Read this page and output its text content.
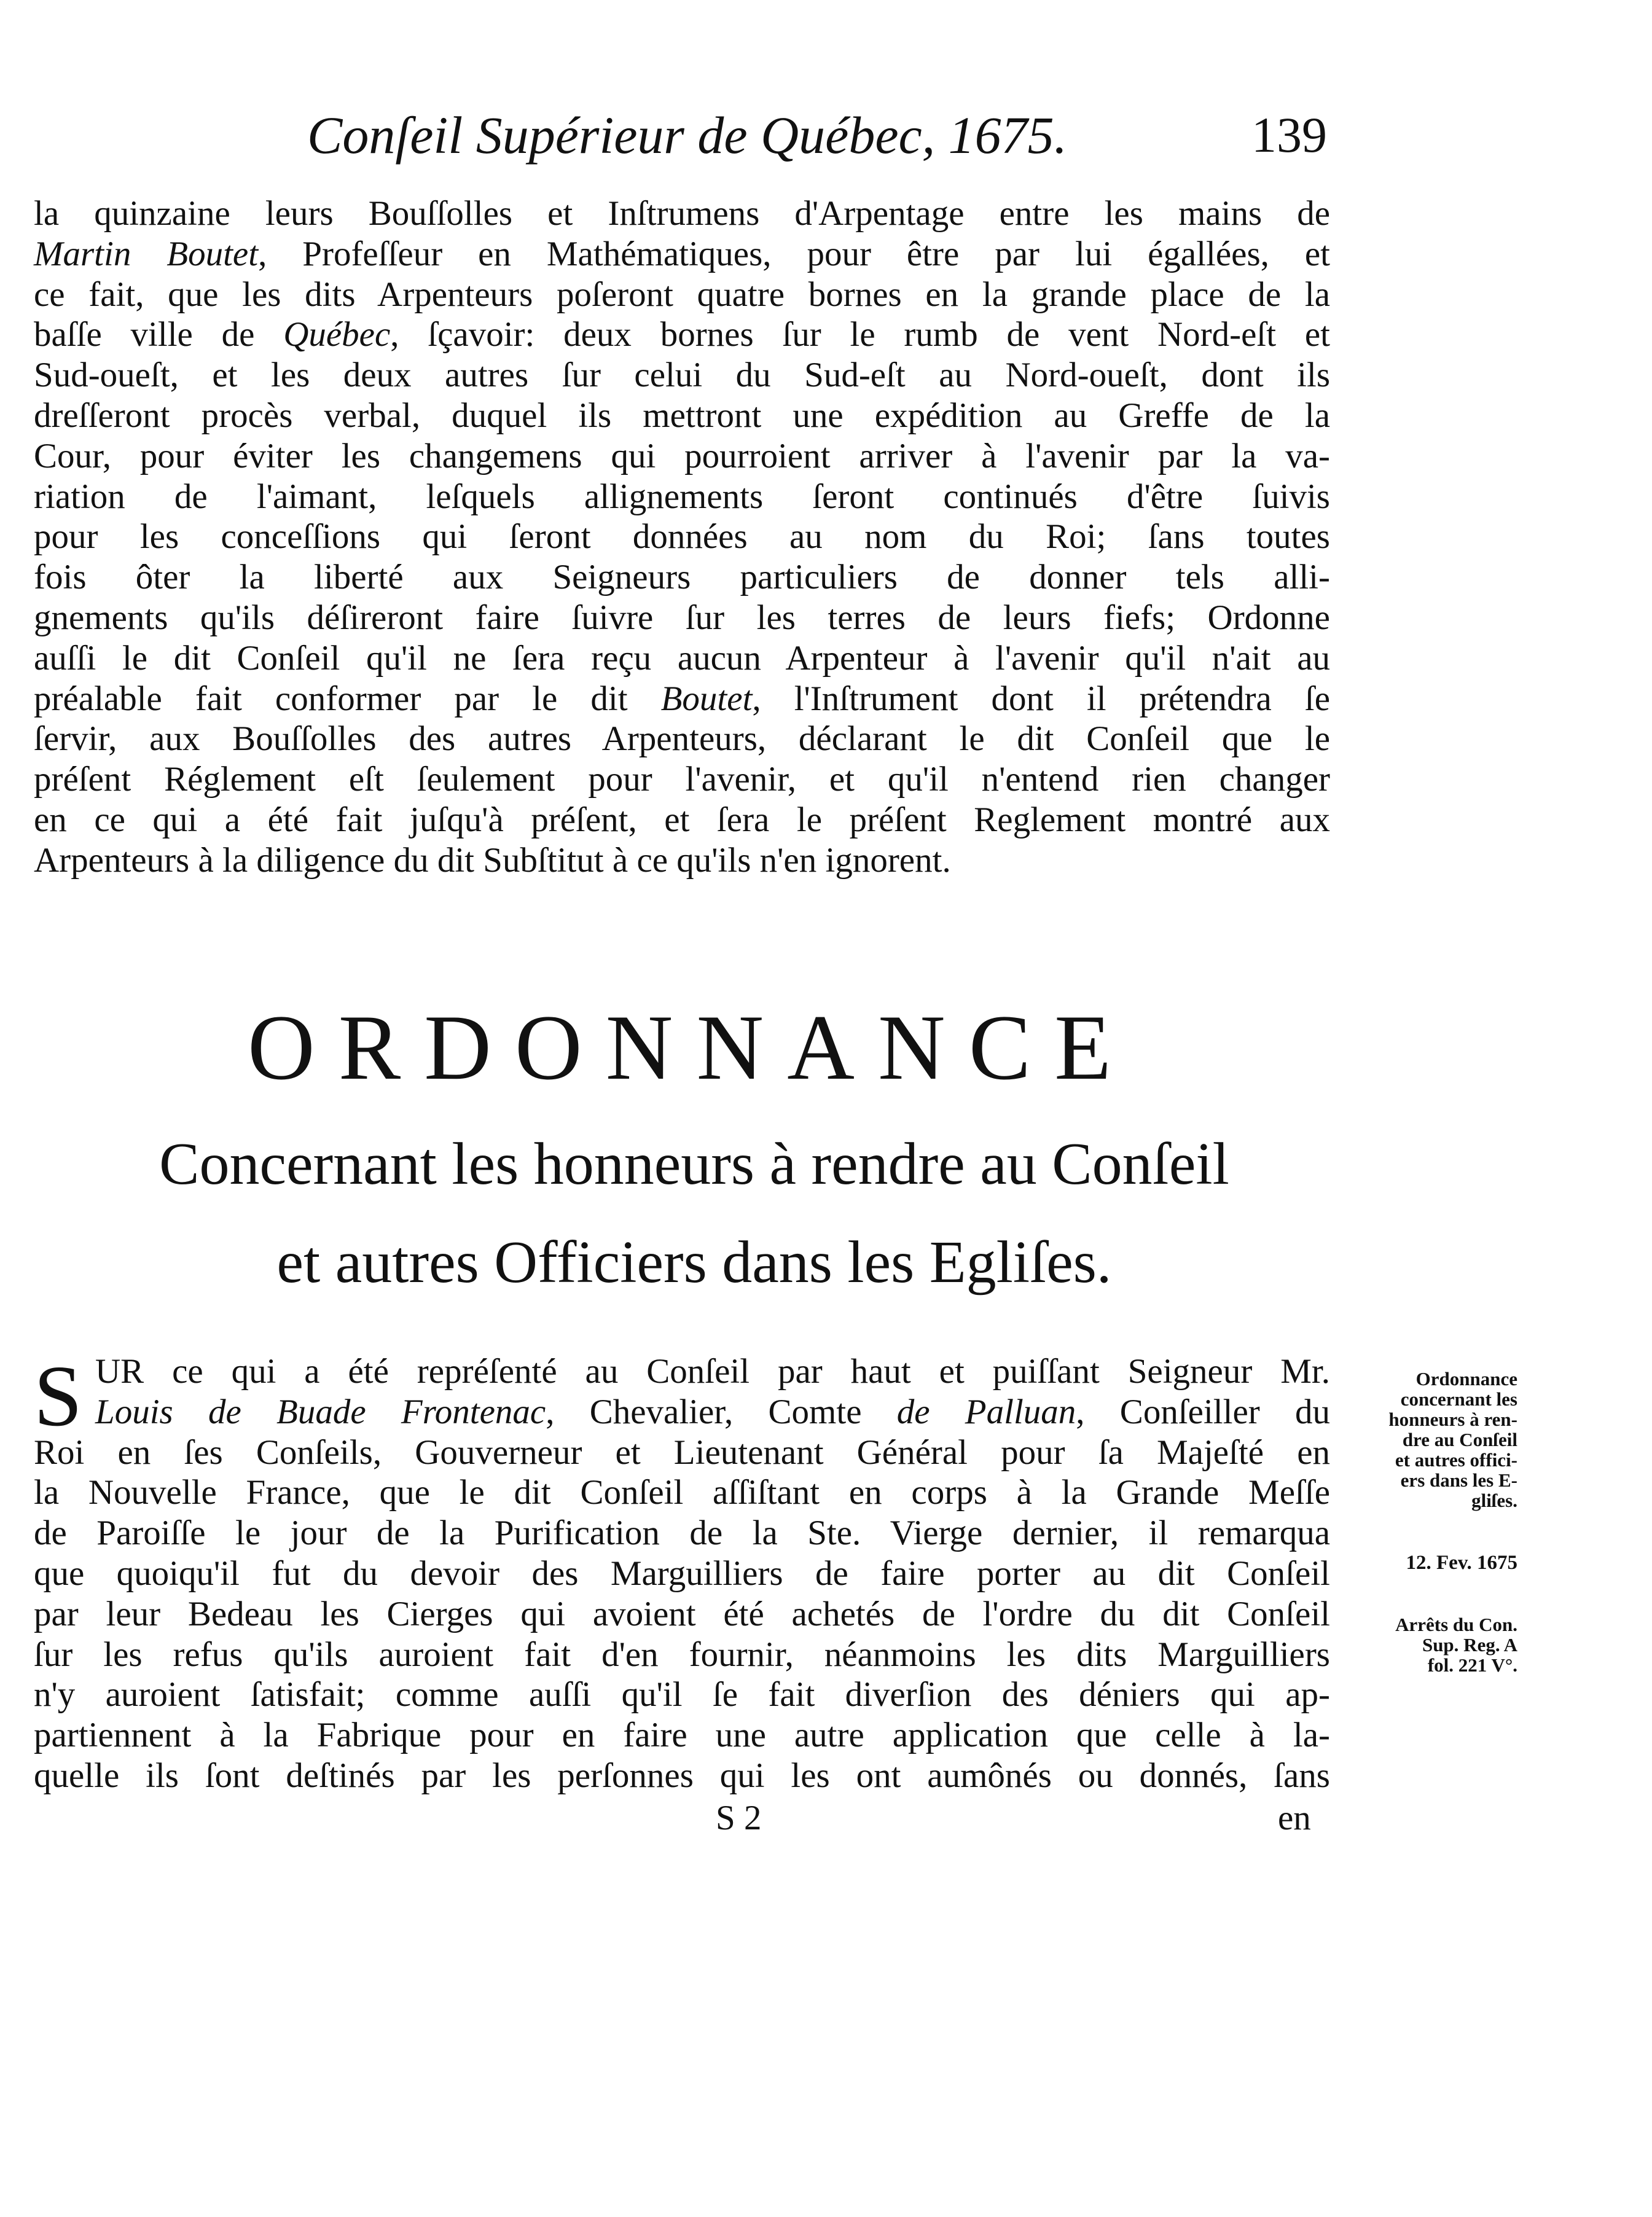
Conſeil Supérieur de Québec, 1675.	139
la quinzaine leurs Bouſſolles et Inſtrumens d'Arpentage entre les mains de
Martin Boutet, Profeſſeur en Mathématiques, pour être par lui égallées, et
ce fait, que les dits Arpenteurs poſeront quatre bornes en la grande place de la
baſſe ville de Québec, ſçavoir: deux bornes ſur le rumb de vent Nord-eſt et
Sud-oueſt, et les deux autres ſur celui du Sud-eſt au Nord-oueſt, dont ils
dreſſeront procès verbal, duquel ils mettront une expédition au Greffe de la
Cour, pour éviter les changemens qui pourroient arriver à l'avenir par la va-
riation de l'aimant, leſquels allignements ſeront continués d'être ſuivis
pour les conceſſions qui ſeront données au nom du Roi; ſans toutes
fois ôter la liberté aux Seigneurs particuliers de donner tels alli-
gnements qu'ils déſireront faire ſuivre ſur les terres de leurs fiefs; Ordonne
auſſi le dit Conſeil qu'il ne ſera reçu aucun Arpenteur à l'avenir qu'il n'ait au
préalable fait conformer par le dit Boutet, l'Inſtrument dont il prétendra ſe
ſervir, aux Bouſſolles des autres Arpenteurs, déclarant le dit Conſeil que le
préſent Réglement eſt ſeulement pour l'avenir, et qu'il n'entend rien changer
en ce qui a été fait juſqu'à préſent, et ſera le préſent Reglement montré aux
Arpenteurs à la diligence du dit Subſtitut à ce qu'ils n'en ignorent.
ORDONNANCE
Concernant les honneurs à rendre au Conſeil
et autres Officiers dans les Egliſes.
S UR ce qui a été repréſenté au Conſeil par haut et puiſſant Seigneur Mr.
Louis de Buade Frontenac, Chevalier, Comte de Palluan, Conſeiller du
Roi en ſes Conſeils, Gouverneur et Lieutenant Général pour ſa Majeſté en
la Nouvelle France, que le dit Conſeil aſſiſtant en corps à la Grande Meſſe
de Paroiſſe le jour de la Purification de la Ste. Vierge dernier, il remarqua
que quoiqu'il fut du devoir des Marguilliers de faire porter au dit Conſeil
par leur Bedeau les Cierges qui avoient été achetés de l'ordre du dit Conſeil
ſur les refus qu'ils auroient fait d'en fournir, néanmoins les dits Marguilliers
n'y auroient ſatisfait; comme auſſi qu'il ſe fait diverſion des déniers qui ap-
partiennent à la Fabrique pour en faire une autre application que celle à la-
quelle ils ſont deſtinés par les perſonnes qui les ont aumônés ou donnés, ſans
Ordonnance
concernant les
honneurs à ren-
dre au Conſeil
et autres offici-
ers dans les E-
gliſes.
12. Fev. 1675
Arrêts du Con.
Sup. Reg. A
fol. 221 V°.
S 2	en
